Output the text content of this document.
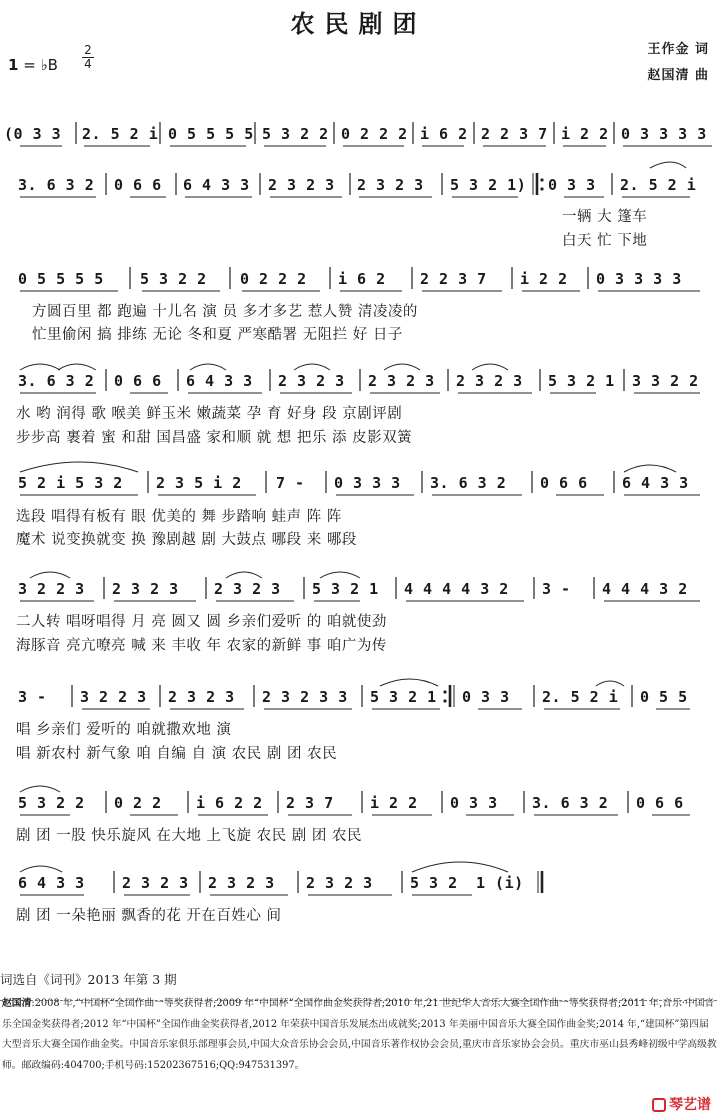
农民剧团
1 = ♭B
2
4
王作金 词
赵国清 曲
(0 3 3 2. 5 2 i 0 5 5 5 5 5 3 2 2 0 2 2 2 i 6 2 2 2 3 7 i 2 2 0 3 3 3 3
3. 6 3 2 0 6 6 6 4 3 3 2 3 2 3 2 3 2 3 5 3 2 1) 0 3 3 2. 5 2 i
一辆 大 篷车
白天 忙 下地
0 5 5 5 5 5 3 2 2 0 2 2 2 i 6 2 2 2 3 7 i 2 2 0 3 3 3 3
方圆百里 都 跑遍 十儿名 演 员 多才多艺 惹人赞 清凌凌的
忙里偷闲 搞 排练 无论 冬和夏 严寒酷署 无阻拦 好 日子
3. 6 3 2 0 6 6 6 4 3 3 2 3 2 3 2 3 2 3 2 3 2 3 5 3 2 1 3 3 2 2
水 哟 润得 歌 喉美 鲜玉米 嫩蔬菜 孕 育 好身 段 京剧评剧
步步高 裹着 蜜 和甜 国昌盛 家和顺 就 想 把乐 添 皮影双簧
5 2 i 5 3 2 2 3 5 i 2 7 - 0 3 3 3 3. 6 3 2 0 6 6 6 4 3 3
选段 唱得有板有 眼 优美的 舞 步踏响 蛙声 阵 阵
魔术 说变换就变 换 豫剧越 剧 大鼓点 哪段 来 哪段
3 2 2 3 2 3 2 3 2 3 2 3 5 3 2 1 4 4 4 4 3 2 3 - 4 4 4 3 2
二人转 唱呀唱得 月 亮 圆又 圆 乡亲们爱听 的 咱就使劲
海豚音 亮亢嘹亮 喊 来 丰收 年 农家的新鲜 事 咱广为传
3 - 3 2 2 3 2 3 2 3 2 3 2 3 3 5 3 2 1 0 3 3 2. 5 2 i 0 5 5
唱 乡亲们 爱听的 咱就撒欢地 演
唱 新农村 新气象 咱 自编 自 演 农民 剧 团 农民
5 3 2 2 0 2 2 i 6 2 2 2 3 7 i 2 2 0 3 3 3. 6 3 2 0 6 6
剧 团 一股 快乐旋风 在大地 上飞旋 农民 剧 团 农民
6 4 3 3 2 3 2 3 2 3 2 3 2 3 2 3 5 3 2 1 (i)
剧 团 一朵艳丽 飘香的花 开在百姓心 间
词选自《词刊》2013 年第 3 期
赵国清:2008 年,“中国杯”全国作曲一等奖获得者;2009 年“中国杯”全国作曲金奖获得者;2010 年,21 世纪华人音乐大赛全国作曲一等奖获得者;2011 年,音乐·中国音乐全国金奖获得者;2012 年“中国杯”全国作曲金奖获得者,2012 年荣获中国音乐发展杰出成就奖;2013 年美丽中国音乐大赛全国作曲金奖;2014 年,“建国杯”第四届大型音乐大赛全国作曲金奖。中国音乐家俱乐部理事会员,中国大众音乐协会会员,中国音乐著作权协会会员,重庆市音乐家协会会员。重庆市巫山县秀峰初级中学高级教师。邮政编码:404700;手机号码:15202367516;QQ:947531397。
琴艺谱
